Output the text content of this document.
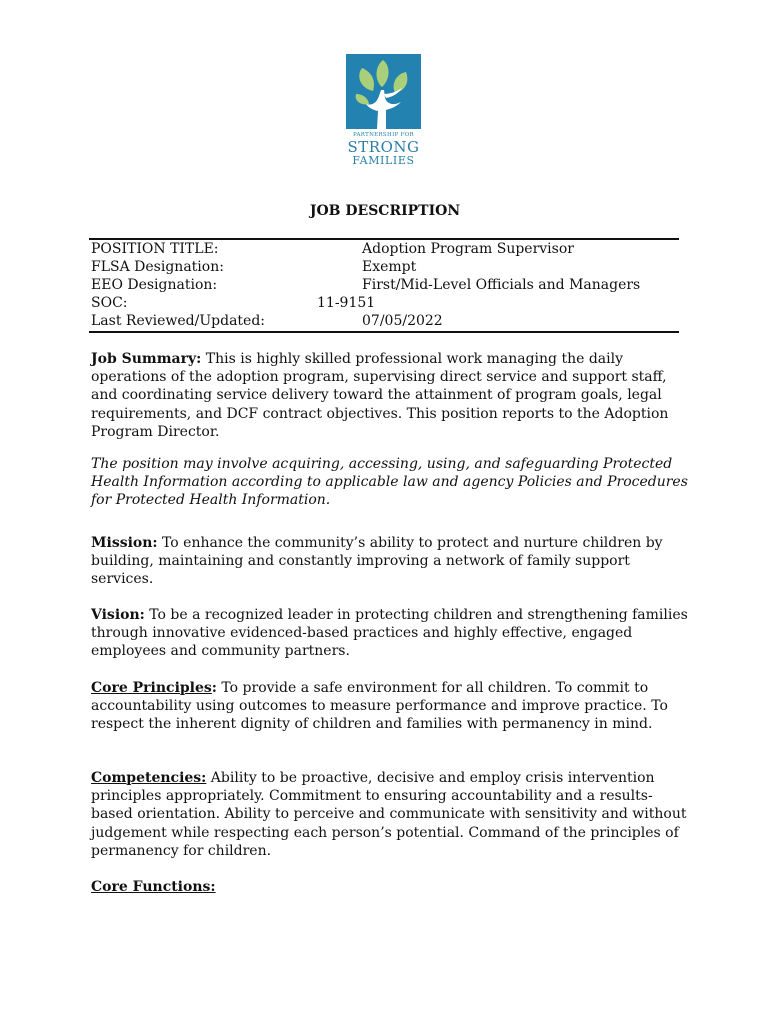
PARTNERSHIP FOR
STRONG
FAMILIES
JOB DESCRIPTION
POSITION TITLE:	Adoption Program Supervisor
FLSA Designation:	Exempt
EEO Designation:	First/Mid-Level Officials and Managers
SOC:	11-9151
Last Reviewed/Updated:	07/05/2022

Job Summary: This is highly skilled professional work managing the daily operations of the adoption program, supervising direct service and support staff, and coordinating service delivery toward the attainment of program goals, legal requirements, and DCF contract objectives. This position reports to the Adoption Program Director.

The position may involve acquiring, accessing, using, and safeguarding Protected Health Information according to applicable law and agency Policies and Procedures for Protected Health Information.

Mission: To enhance the community’s ability to protect and nurture children by building, maintaining and constantly improving a network of family support services.

Vision: To be a recognized leader in protecting children and strengthening families through innovative evidenced-based practices and highly effective, engaged employees and community partners.

Core Principles: To provide a safe environment for all children. To commit to accountability using outcomes to measure performance and improve practice. To respect the inherent dignity of children and families with permanency in mind.

Competencies: Ability to be proactive, decisive and employ crisis intervention principles appropriately. Commitment to ensuring accountability and a results-based orientation. Ability to perceive and communicate with sensitivity and without judgement while respecting each person’s potential. Command of the principles of permanency for children.

Core Functions:
